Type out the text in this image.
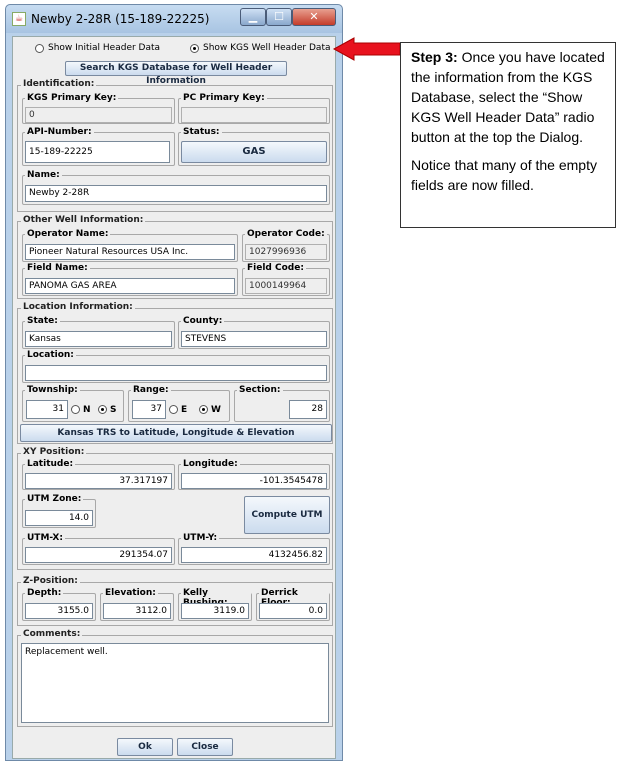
☕ Newby 2-28R (15-189-22225)	▁	☐	✕
Show Initial Header Data	Show KGS Well Header Data
Search KGS Database for Well Header Information
Identification:
KGS Primary Key:
0
PC Primary Key:
API-Number:
15-189-22225
Status:
GAS
Name:
Newby 2-28R
Other Well Information:
Operator Name:
Pioneer Natural Resources USA Inc.
Operator Code:
1027996936
Field Name:
PANOMA GAS AREA
Field Code:
1000149964
Location Information:
State:
Kansas
County:
STEVENS
Location:
Township:
31	N S
Range:
37	E	W
Section:
28
Kansas TRS to Latitude, Longitude & Elevation
XY Position:
Latitude:
37.317197
Longitude:
-101.3545478
UTM Zone:
14.0	Compute UTM
UTM-X:
291354.07
UTM-Y:
4132456.82
Z-Position:
Depth:
3155.0
Elevation:
3112.0
Kelly
3119.0
Derrick
0.0
Comments:
Replacement well.
Ok	Close

Step 3: Once you have located the information from the KGS Database, select the “Show KGS Well Header Data” radio button at the top the Dialog.

Notice that many of the empty fields are now filled.
